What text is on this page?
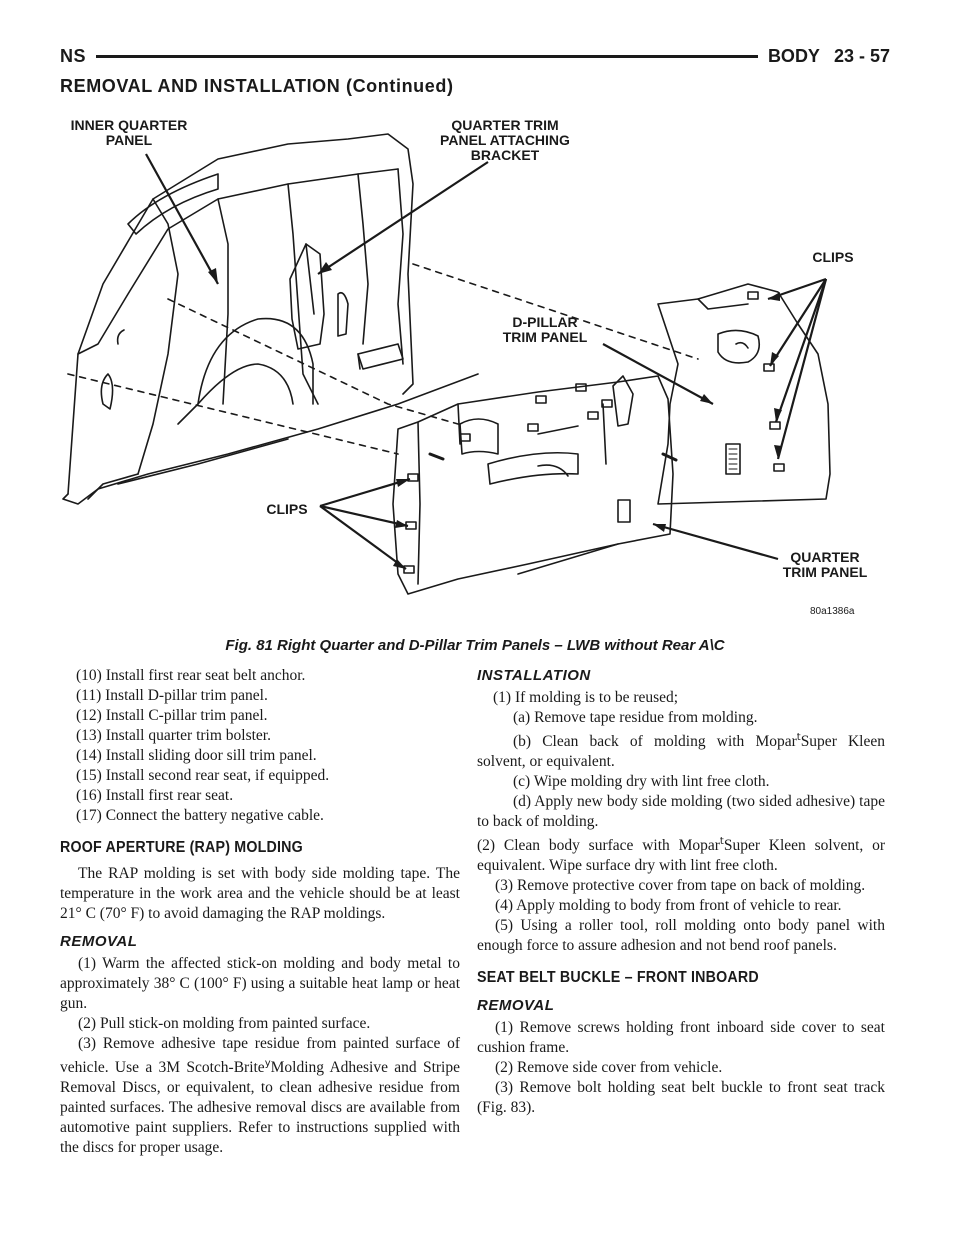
NS	BODY 23 - 57
REMOVAL AND INSTALLATION (Continued)
INNER QUARTER
PANEL
QUARTER TRIM
PANEL ATTACHING
BRACKET
CLIPS
D-PILLAR
TRIM PANEL
CLIPS
QUARTER
TRIM PANEL
80a1386a
Fig. 81 Right Quarter and D-Pillar Trim Panels – LWB without Rear A\C

(10) Install first rear seat belt anchor.

(11) Install D-pillar trim panel.

(12) Install C-pillar trim panel.

(13) Install quarter trim bolster.

(14) Install sliding door sill trim panel.

(15) Install second rear seat, if equipped.

(16) Install first rear seat.

(17) Connect the battery negative cable.

ROOF APERTURE (RAP) MOLDING

The RAP molding is set with body side molding tape. The temperature in the work area and the vehicle should be at least 21° C (70° F) to avoid damaging the RAP moldings.

REMOVAL

(1) Warm the affected stick-on molding and body metal to approximately 38° C (100° F) using a suitable heat lamp or heat gun.

(2) Pull stick-on molding from painted surface.

(3) Remove adhesive tape residue from painted surface of vehicle. Use a 3M Scotch-Brite$^y$Molding Adhesive and Stripe Removal Discs, or equivalent, to clean adhesive residue from painted surfaces. The adhesive removal discs are available from automotive paint suppliers. Refer to instructions supplied with the discs for proper usage.

INSTALLATION

(1) If molding is to be reused;

(a) Remove tape residue from molding.

(b) Clean back of molding with Mopar$^t$Super Kleen solvent, or equivalent.

(c) Wipe molding dry with lint free cloth.

(d) Apply new body side molding (two sided adhesive) tape to back of molding.

(2) Clean body surface with Mopar$^t$Super Kleen solvent, or equivalent. Wipe surface dry with lint free cloth.

(3) Remove protective cover from tape on back of molding.

(4) Apply molding to body from front of vehicle to rear.

(5) Using a roller tool, roll molding onto body panel with enough force to assure adhesion and not bend roof panels.

SEAT BELT BUCKLE – FRONT INBOARD
REMOVAL

(1) Remove screws holding front inboard side cover to seat cushion frame.

(2) Remove side cover from vehicle.

(3) Remove bolt holding seat belt buckle to front seat track (Fig. 83).
